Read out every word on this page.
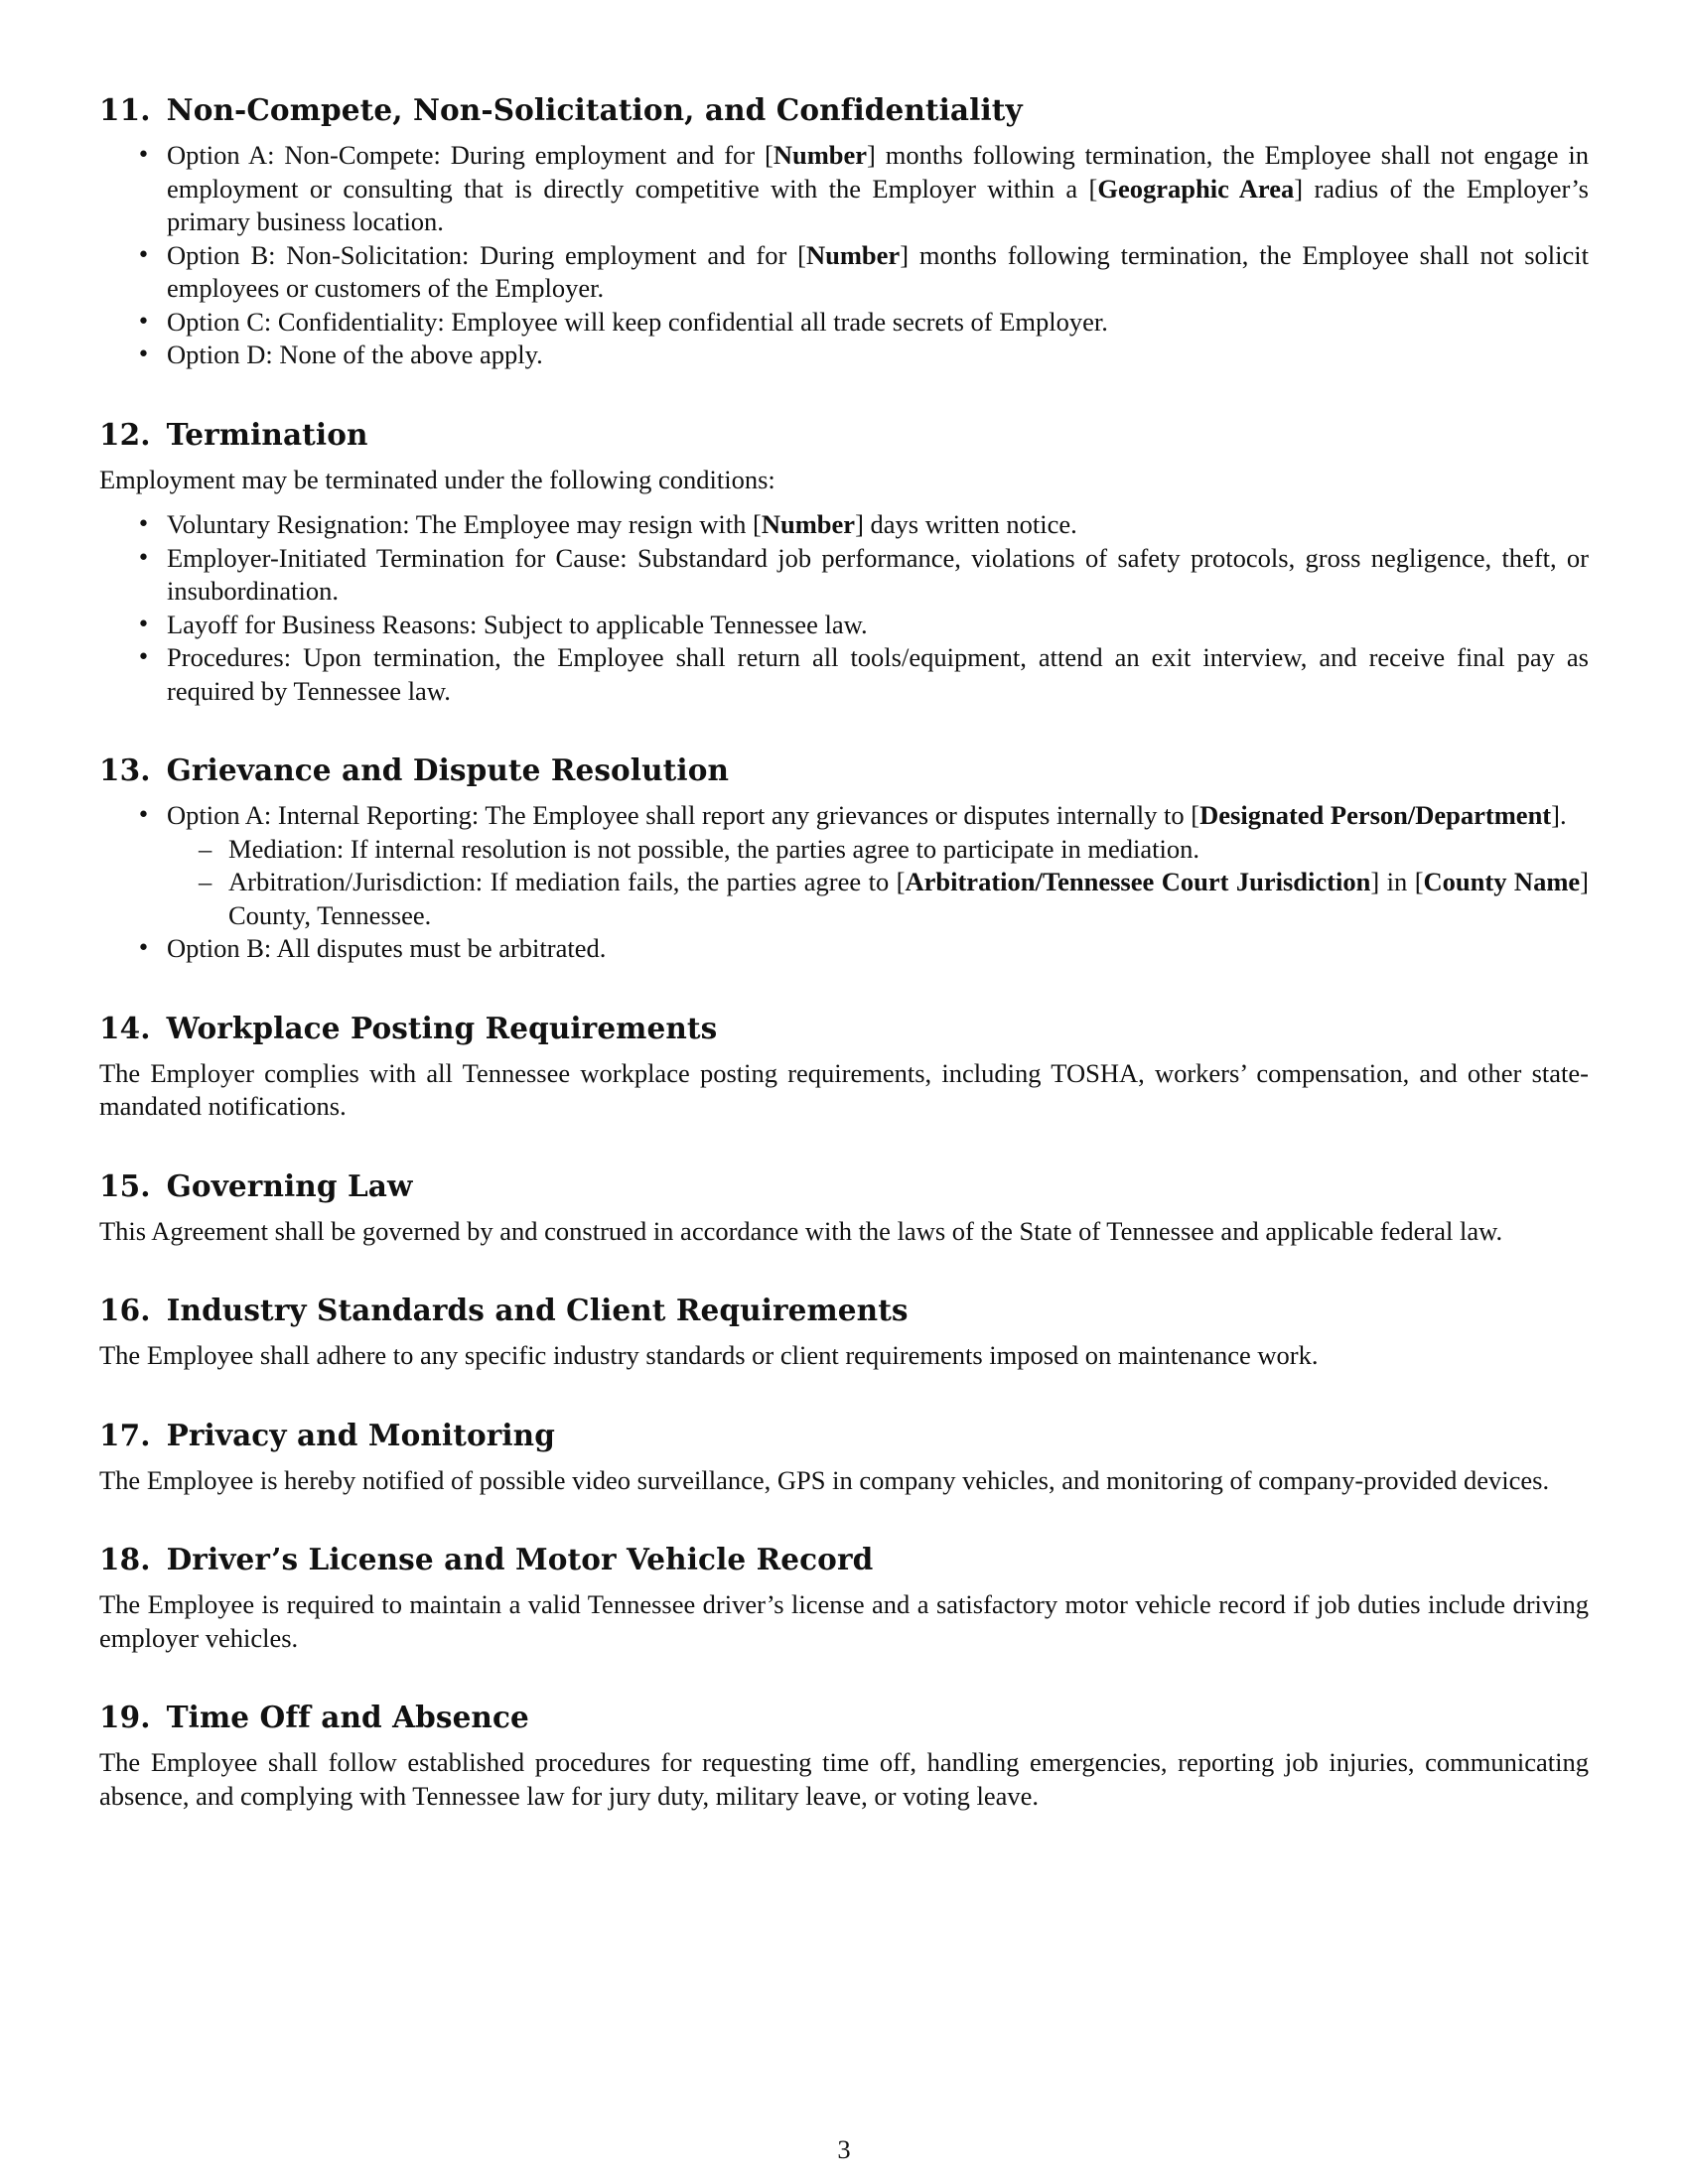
11. Non-Compete, Non-Solicitation, and Confidentiality
• Option A: Non-Compete: During employment and for [Number] months following termination, the Employee shall not engage in employment or consulting that is directly competitive with the Employer within a [Geographic Area] radius of the Employer’s primary business location.
• Option B: Non-Solicitation: During employment and for [Number] months following termination, the Employee shall not solicit employees or customers of the Employer.
• Option C: Confidentiality: Employee will keep confidential all trade secrets of Employer.
• Option D: None of the above apply.
12. Termination

Employment may be terminated under the following conditions:

• Voluntary Resignation: The Employee may resign with [Number] days written notice.
• Employer-Initiated Termination for Cause: Substandard job performance, violations of safety protocols, gross negligence, theft, or insubordination.
• Layoff for Business Reasons: Subject to applicable Tennessee law.
• Procedures: Upon termination, the Employee shall return all tools/equipment, attend an exit interview, and receive final pay as required by Tennessee law.
13. Grievance and Dispute Resolution
• Option A: Internal Reporting: The Employee shall report any grievances or disputes internally to [Designated Person/Department].
– Mediation: If internal resolution is not possible, the parties agree to participate in mediation.
– Arbitration/Jurisdiction: If mediation fails, the parties agree to [Arbitration/Tennessee Court Jurisdiction] in [County Name] County, Tennessee.
• Option B: All disputes must be arbitrated.
14. Workplace Posting Requirements

The Employer complies with all Tennessee workplace posting requirements, including TOSHA, workers’ compensation, and other state-mandated notifications.

15. Governing Law

This Agreement shall be governed by and construed in accordance with the laws of the State of Tennessee and applicable federal law.

16. Industry Standards and Client Requirements

The Employee shall adhere to any specific industry standards or client requirements imposed on maintenance work.

17. Privacy and Monitoring

The Employee is hereby notified of possible video surveillance, GPS in company vehicles, and monitoring of company-provided devices.

18. Driver’s License and Motor Vehicle Record

The Employee is required to maintain a valid Tennessee driver’s license and a satisfactory motor vehicle record if job duties include driving employer vehicles.

19. Time Off and Absence

The Employee shall follow established procedures for requesting time off, handling emergencies, reporting job injuries, communicating absence, and complying with Tennessee law for jury duty, military leave, or voting leave.

3
